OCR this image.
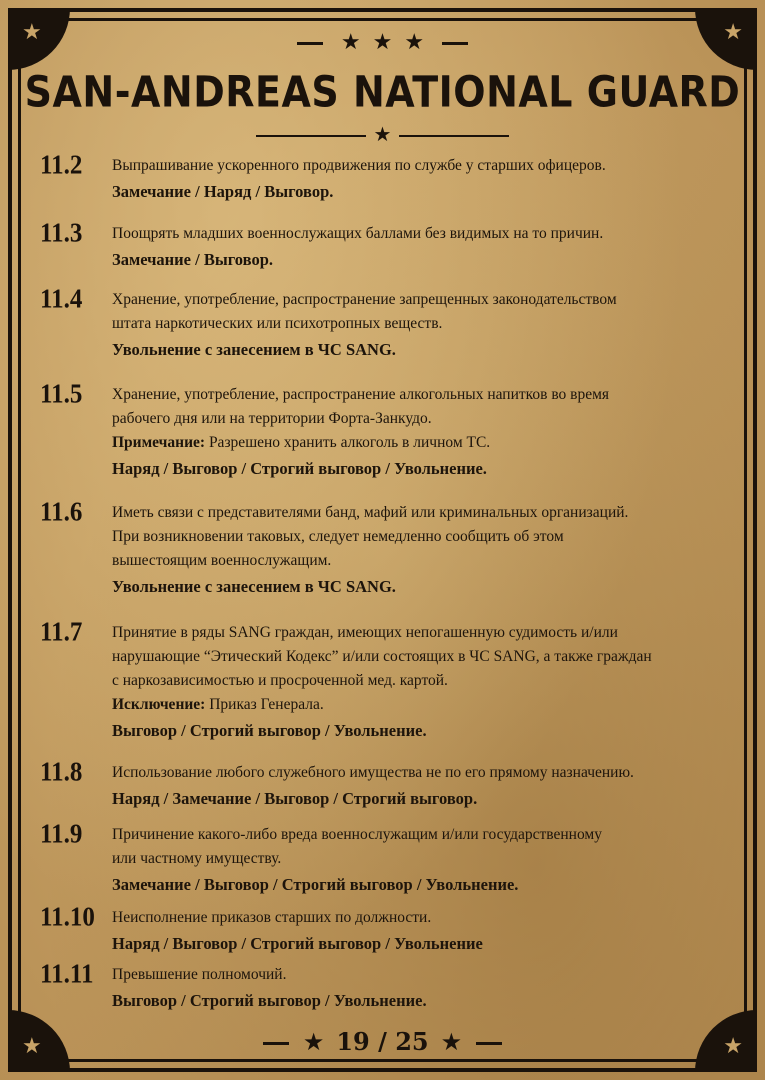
★	★
★	★
★ ★ ★
SAN-ANDREAS NATIONAL GUARD
★
11.2 Выпрашивание ускоренного продвижения по службе у старших офицеров.
Замечание / Наряд / Выговор.
11.3 Поощрять младших военнослужащих баллами без видимых на то причин.
Замечание / Выговор.
11.4 Хранение, употребление, распространение запрещенных законодательством
штата наркотических или психотропных веществ.
Увольнение с занесением в ЧС SANG.
11.5 Хранение, употребление, распространение алкогольных напитков во время
рабочего дня или на территории Форта-Занкудо.
Примечание: Разрешено хранить алкоголь в личном ТС.
Наряд / Выговор / Строгий выговор / Увольнение.
11.6 Иметь связи с представителями банд, мафий или криминальных организаций.
При возникновении таковых, следует немедленно сообщить об этом
вышестоящим военнослужащим.
Увольнение с занесением в ЧС SANG.
11.7 Принятие в ряды SANG граждан, имеющих непогашенную судимость и/или
нарушающие “Этический Кодекс” и/или состоящих в ЧС SANG, а также граждан
с наркозависимостью и просроченной мед. картой.
Исключение: Приказ Генерала.
Выговор / Строгий выговор / Увольнение.
11.8 Использование любого служебного имущества не по его прямому назначению.
Наряд / Замечание / Выговор / Строгий выговор.
11.9 Причинение какого-либо вреда военнослужащим и/или государственному
или частному имуществу.
Замечание / Выговор / Строгий выговор / Увольнение.
11.10 Неисполнение приказов старших по должности.
Наряд / Выговор / Строгий выговор / Увольнение
11.11 Превышение полномочий.
Выговор / Строгий выговор / Увольнение.
★ 19 / 25 ★
